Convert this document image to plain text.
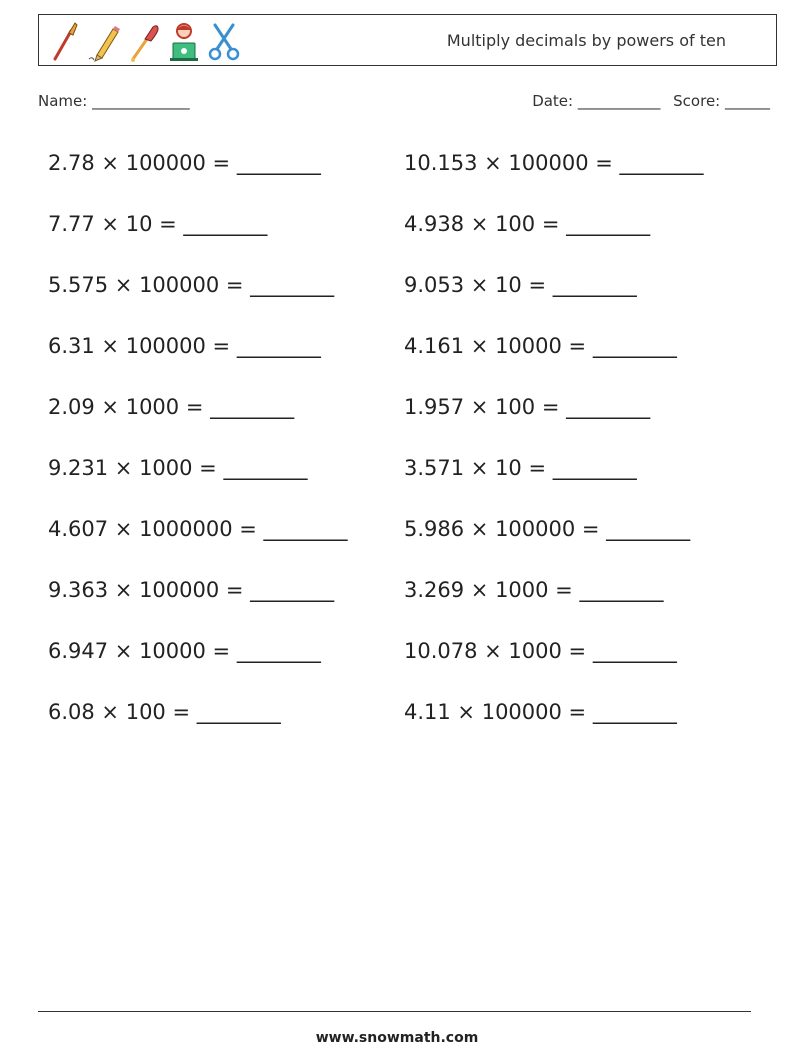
Multiply decimals by powers of ten
Name: _____________	Date: ___________ Score: ______
2.78 × 100000 = ________	10.153 × 100000 = ________
7.77 × 10 = ________	4.938 × 100 = ________
5.575 × 100000 = ________	9.053 × 10 = ________
6.31 × 100000 = ________	4.161 × 10000 = ________
2.09 × 1000 = ________	1.957 × 100 = ________
9.231 × 1000 = ________	3.571 × 10 = ________
4.607 × 1000000 = ________	5.986 × 100000 = ________
9.363 × 100000 = ________	3.269 × 1000 = ________
6.947 × 10000 = ________	10.078 × 1000 = ________
6.08 × 100 = ________	4.11 × 100000 = ________
www.snowmath.com
